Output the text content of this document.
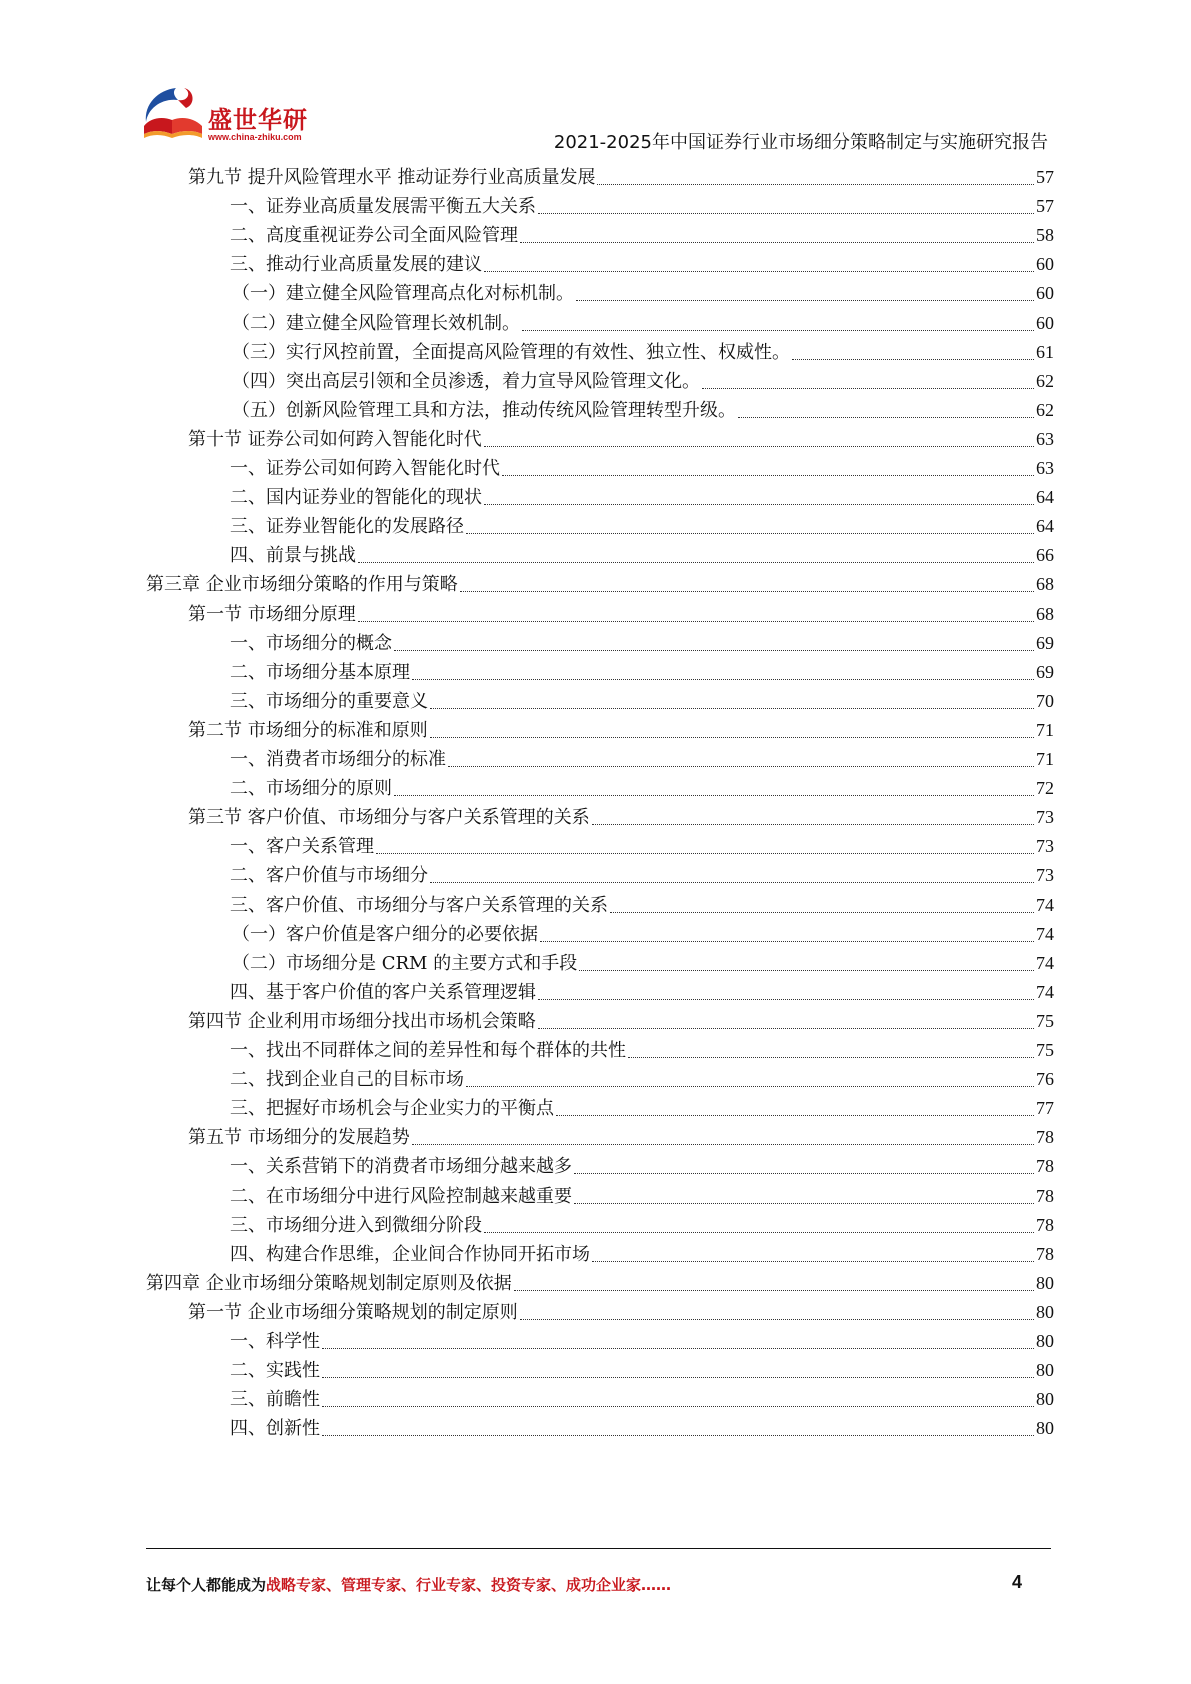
盛世华研
www.china-zhiku.com	2021-2025年中国证券行业市场细分策略制定与实施研究报告
第九节 提升风险管理水平 推动证券行业高质量发展	57
一、证券业高质量发展需平衡五大关系	57
二、高度重视证券公司全面风险管理	58
三、推动行业高质量发展的建议	60
（一）建立健全风险管理高点化对标机制。	60
（二）建立健全风险管理长效机制。	60
（三）实行风控前置，全面提高风险管理的有效性、独立性、权威性。	61
（四）突出高层引领和全员渗透，着力宣导风险管理文化。	62
（五）创新风险管理工具和方法，推动传统风险管理转型升级。	62
第十节 证券公司如何跨入智能化时代	63
一、证券公司如何跨入智能化时代	63
二、国内证券业的智能化的现状	64
三、证券业智能化的发展路径	64
四、前景与挑战	66
第三章 企业市场细分策略的作用与策略	68
第一节 市场细分原理	68
一、市场细分的概念	69
二、市场细分基本原理	69
三、市场细分的重要意义	70
第二节 市场细分的标准和原则	71
一、消费者市场细分的标准	71
二、市场细分的原则	72
第三节 客户价值、市场细分与客户关系管理的关系	73
一、客户关系管理	73
二、客户价值与市场细分	73
三、客户价值、市场细分与客户关系管理的关系	74
（一）客户价值是客户细分的必要依据	74
（二）市场细分是 CRM 的主要方式和手段	74
四、基于客户价值的客户关系管理逻辑	74
第四节 企业利用市场细分找出市场机会策略	75
一、找出不同群体之间的差异性和每个群体的共性	75
二、找到企业自己的目标市场	76
三、把握好市场机会与企业实力的平衡点	77
第五节 市场细分的发展趋势	78
一、关系营销下的消费者市场细分越来越多	78
二、在市场细分中进行风险控制越来越重要	78
三、市场细分进入到微细分阶段	78
四、构建合作思维，企业间合作协同开拓市场	78
第四章 企业市场细分策略规划制定原则及依据	80
第一节 企业市场细分策略规划的制定原则	80
一、科学性	80
二、实践性	80
三、前瞻性	80
四、创新性	80
让每个人都能成为战略专家、管理专家、行业专家、投资专家、成功企业家……	4
